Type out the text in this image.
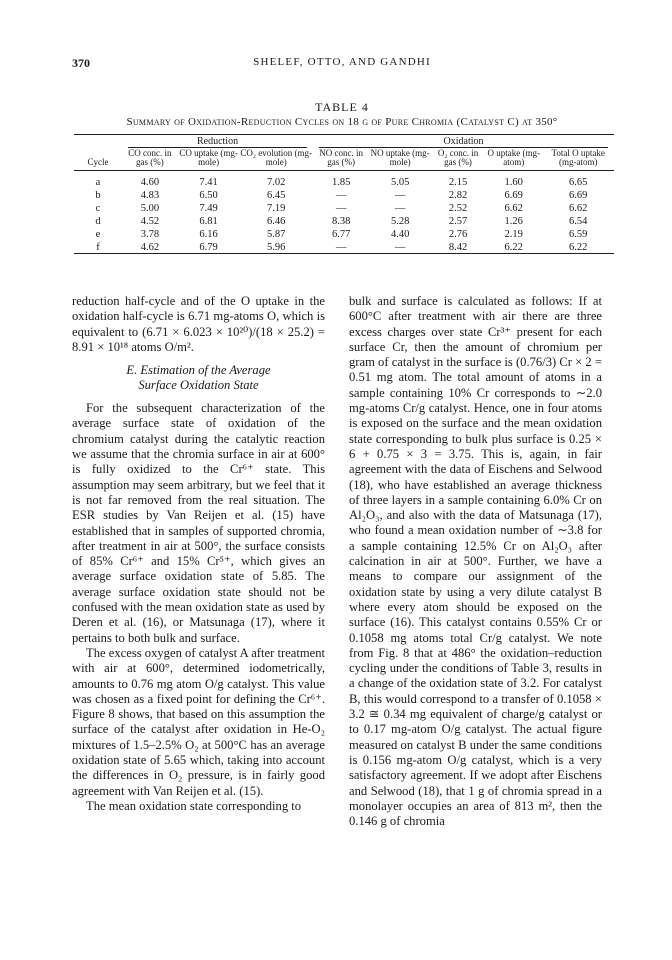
370	SHELEF, OTTO, AND GANDHI
TABLE 4
Summary of Oxidation-Reduction Cycles on 18 g of Pure Chromia (Catalyst C) at 350°

	Reduction			Oxidation				

Cycle	CO conc. in gas (%)	CO uptake (mg-mole)	CO₂ evolution (mg-mole)	NO conc. in gas (%)	NO uptake (mg-mole)	O₂ conc. in gas (%)	O uptake (mg-atom)	Total O uptake (mg-atom)
a	4.60	7.41	7.02	1.85	5.05	2.15	1.60	6.65
b	4.83	6.50	6.45	—	—	2.82	6.69	6.69
c	5.00	7.49	7.19	—	—	2.52	6.62	6.62
d	4.52	6.81	6.46	8.38	5.28	2.57	1.26	6.54
e	3.78	6.16	5.87	6.77	4.40	2.76	2.19	6.59
f	4.62	6.79	5.96	—	—	8.42	6.22	6.22

reduction half-cycle and of the O uptake in the oxidation half-cycle is 6.71 mg-atoms O, which is equivalent to (6.71 × 6.023 × 10²⁰)/(18 × 25.2) = 8.91 × 10¹⁸ atoms O/m².

E. Estimation of the Average
Surface Oxidation State

For the subsequent characterization of the average surface state of oxidation of the chromium catalyst during the catalytic reaction we assume that the chromia surface in air at 600° is fully oxidized to the Cr⁶⁺ state. This assumption may seem arbitrary, but we feel that it is not far removed from the real situation. The ESR studies by Van Reijen et al. (15) have established that in samples of supported chromia, after treatment in air at 500°, the surface consists of 85% Cr⁶⁺ and 15% Cr⁵⁺, which gives an average surface oxidation state of 5.85. The average surface oxidation state should not be confused with the mean oxidation state as used by Deren et al. (16), or Matsunaga (17), where it pertains to both bulk and surface.

The excess oxygen of catalyst A after treatment with air at 600°, determined iodometrically, amounts to 0.76 mg atom O/g catalyst. This value was chosen as a fixed point for defining the Cr⁶⁺. Figure 8 shows, that based on this assumption the surface of the catalyst after oxidation in He-O₂ mixtures of 1.5–2.5% O₂ at 500°C has an average oxidation state of 5.65 which, taking into account the differences in O₂ pressure, is in fairly good agreement with Van Reijen et al. (15).

The mean oxidation state corresponding to

bulk and surface is calculated as follows: If at 600°C after treatment with air there are three excess charges over state Cr³⁺ present for each surface Cr, then the amount of chromium per gram of catalyst in the surface is (0.76/3) Cr × 2 = 0.51 mg atom. The total amount of atoms in a sample containing 10% Cr corresponds to ∼2.0 mg-atoms Cr/g catalyst. Hence, one in four atoms is exposed on the surface and the mean oxidation state corresponding to bulk plus surface is 0.25 × 6 + 0.75 × 3 = 3.75. This is, again, in fair agreement with the data of Eischens and Selwood (18), who have established an average thickness of three layers in a sample containing 6.0% Cr on Al₂O₃, and also with the data of Matsunaga (17), who found a mean oxidation number of ∼3.8 for a sample containing 12.5% Cr on Al₂O₃ after calcination in air at 500°. Further, we have a means to compare our assignment of the oxidation state by using a very dilute catalyst B where every atom should be exposed on the surface (16). This catalyst contains 0.55% Cr or 0.1058 mg atoms total Cr/g catalyst. We note from Fig. 8 that at 486° the oxidation–reduction cycling under the conditions of Table 3, results in a change of the oxidation state of 3.2. For catalyst B, this would correspond to a transfer of 0.1058 × 3.2 ≅ 0.34 mg equivalent of charge/g catalyst or to 0.17 mg-atom O/g catalyst. The actual figure measured on catalyst B under the same conditions is 0.156 mg-atom O/g catalyst, which is a very satisfactory agreement. If we adopt after Eischens and Selwood (18), that 1 g of chromia spread in a monolayer occupies an area of 813 m², then the 0.146 g of chromia
